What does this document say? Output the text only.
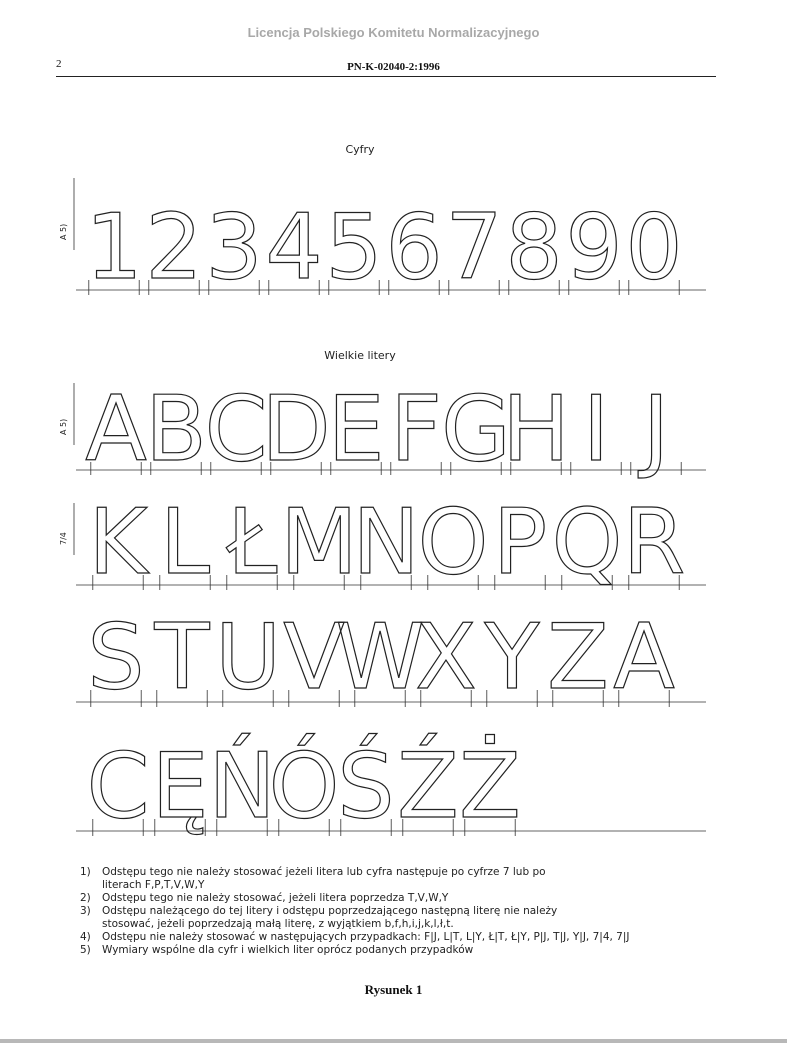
Licencja Polskiego Komitetu Normalizacyjnego
2	PN-K-02040-2:1996
Cyfry
1 2 3 4 5 6 7 8 9 0
A 5)
Wielkie litery
A
B
C
D
E F G
H I J
A 5)
K L Ł M
N
O P Q R
7/4
S T U V
W
X Y Z A
C Ę Ń
Ó
Ś Ź Ż
1)	Odstępu tego nie należy stosować jeżeli litera lub cyfra następuje po cyfrze 7 lub po
literach F,P,T,V,W,Y
2)	Odstępu tego nie należy stosować, jeżeli litera poprzedza T,V,W,Y
3)	Odstępu należącego do tej litery i odstępu poprzedzającego następną literę nie należy
stosować, jeżeli poprzedzają małą literę, z wyjątkiem b,f,h,i,j,k,l,ł,t.
4)	Odstępu nie należy stosować w następujących przypadkach: F|J, L|T, L|Y, Ł|T, Ł|Y, P|J, T|J, Y|J, 7|4, 7|J
5)	Wymiary wspólne dla cyfr i wielkich liter oprócz podanych przypadków
Rysunek 1
